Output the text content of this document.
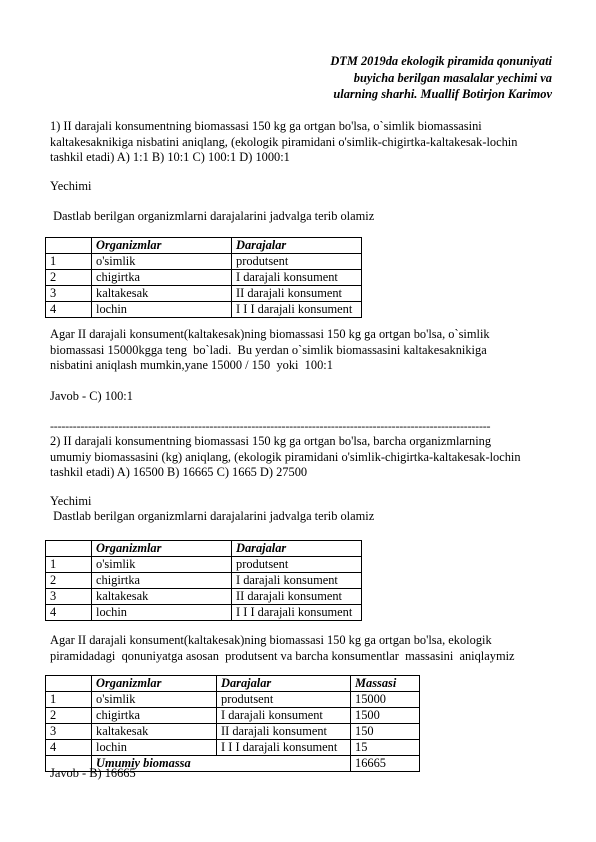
DTM 2019da ekologik piramida qonuniyati
buyicha berilgan masalalar yechimi va
ularning sharhi. Muallif Botirjon Karimov
1) II darajali konsumentning biomassasi 150 kg ga ortgan bo'lsa, o`simlik biomassasini
kaltakesaknikiga nisbatini aniqlang, (ekologik piramidani o'simlik-chigirtka-kaltakesak-lochin
tashkil etadi) A) 1:1 B) 10:1 C) 100:1 D) 1000:1
Yechimi
Dastlab berilgan organizmlarni darajalarini jadvalga terib olamiz
	Organizmlar	Darajalar
1	o'simlik	produtsent
2	chigirtka	I darajali konsument
3	kaltakesak	II darajali konsument
4	lochin	I I I darajali konsument
Agar II darajali konsument(kaltakesak)ning biomassasi 150 kg ga ortgan bo'lsa, o`simlik
biomassasi 15000kgga teng  bo`ladi.  Bu yerdan o`simlik biomassasini kaltakesaknikiga
nisbatini aniqlash mumkin,yane 15000 / 150  yoki  100:1
Javob - C) 100:1
--------------------------------------------------------------------------------------------------------------------
2) II darajali konsumentning biomassasi 150 kg ga ortgan bo'lsa, barcha organizmlarning
umumiy biomassasini (kg) aniqlang, (ekologik piramidani o'simlik-chigirtka-kaltakesak-lochin
tashkil etadi) A) 16500 B) 16665 C) 1665 D) 27500
Yechimi
Dastlab berilgan organizmlarni darajalarini jadvalga terib olamiz
	Organizmlar	Darajalar
1	o'simlik	produtsent
2	chigirtka	I darajali konsument
3	kaltakesak	II darajali konsument
4	lochin	I I I darajali konsument
Agar II darajali konsument(kaltakesak)ning biomassasi 150 kg ga ortgan bo'lsa, ekologik
piramidadagi  qonuniyatga asosan  produtsent va barcha konsumentlar  massasini  aniqlaymiz
	Organizmlar	Darajalar	Massasi
1	o'simlik	produtsent	15000
2	chigirtka	I darajali konsument	1500
3	kaltakesak	II darajali konsument	150
4	lochin	I I I darajali konsument	15
	Umumiy biomassa		16665
Javob - B) 16665
